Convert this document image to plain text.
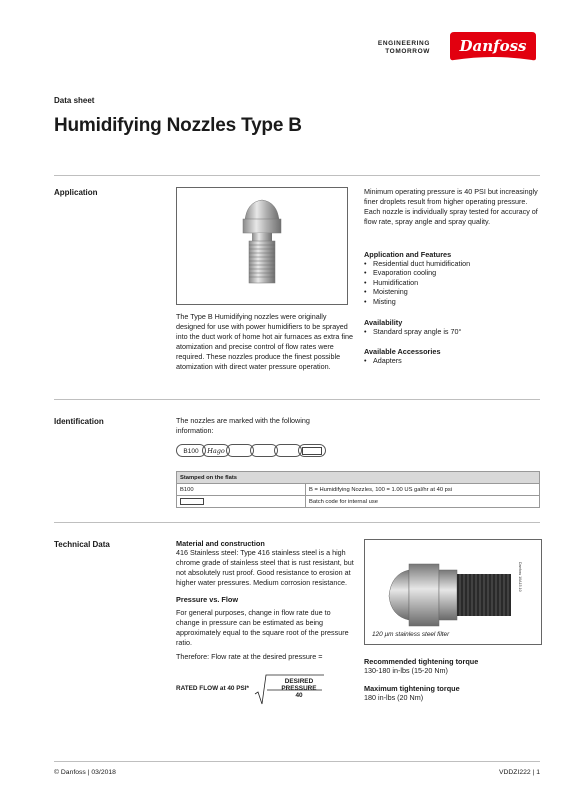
ENGINEERING
TOMORROW Danfoss
Data sheet
Humidifying Nozzles Type B
Application
The Type B Humidifying nozzles were originally designed for use with power humidifiers to be sprayed into the duct work of home hot air furnaces as extra fine atomization and precise control of flow rates were required. These nozzles produce the finest possible atomization with direct water pressure operation.
Minimum operating pressure is 40 PSI but increasingly finer droplets result from higher operating pressure. Each nozzle is individually spray tested for accuracy of flow rate, spray angle and spray quality.
Application and Features
• Residential duct humidification
• Evaporation cooling
• Humidification
• Moistening
• Misting
Availability
• Standard spray angle is 70°
Available Accessories
• Adapters
Identification	The nozzles are marked with the following information:
B100	Hago
Stamped on the flats	
B100	B = Humidifying Nozzles, 100 = 1.00 US gal/hr at 40 psi
	Batch code for internal use
Technical Data	Material and construction
416 Stainless steel: Type 416 stainless steel is a high chrome grade of stainless steel that is rust resistant, but not absolutely rust proof. Good resistance to erosion at higher water pressures. Medium corrosion resistance.
Pressure vs. Flow
For general purposes, change in flow rate due to change in pressure can be estimated as being approximately equal to the square root of the pressure ratio.
Therefore: Flow rate at the desired pressure =
RATED FLOW at 40 PSI*
DESIRED PRESSURE
40
Danfoss 10A15.10
120 µm stainless steel filter
Recommended tightening torque
130-180 in-lbs (15-20 Nm)
Maximum tightening torque
180 in-lbs (20 Nm)
© Danfoss | 03/2018	VDDZI222 | 1
